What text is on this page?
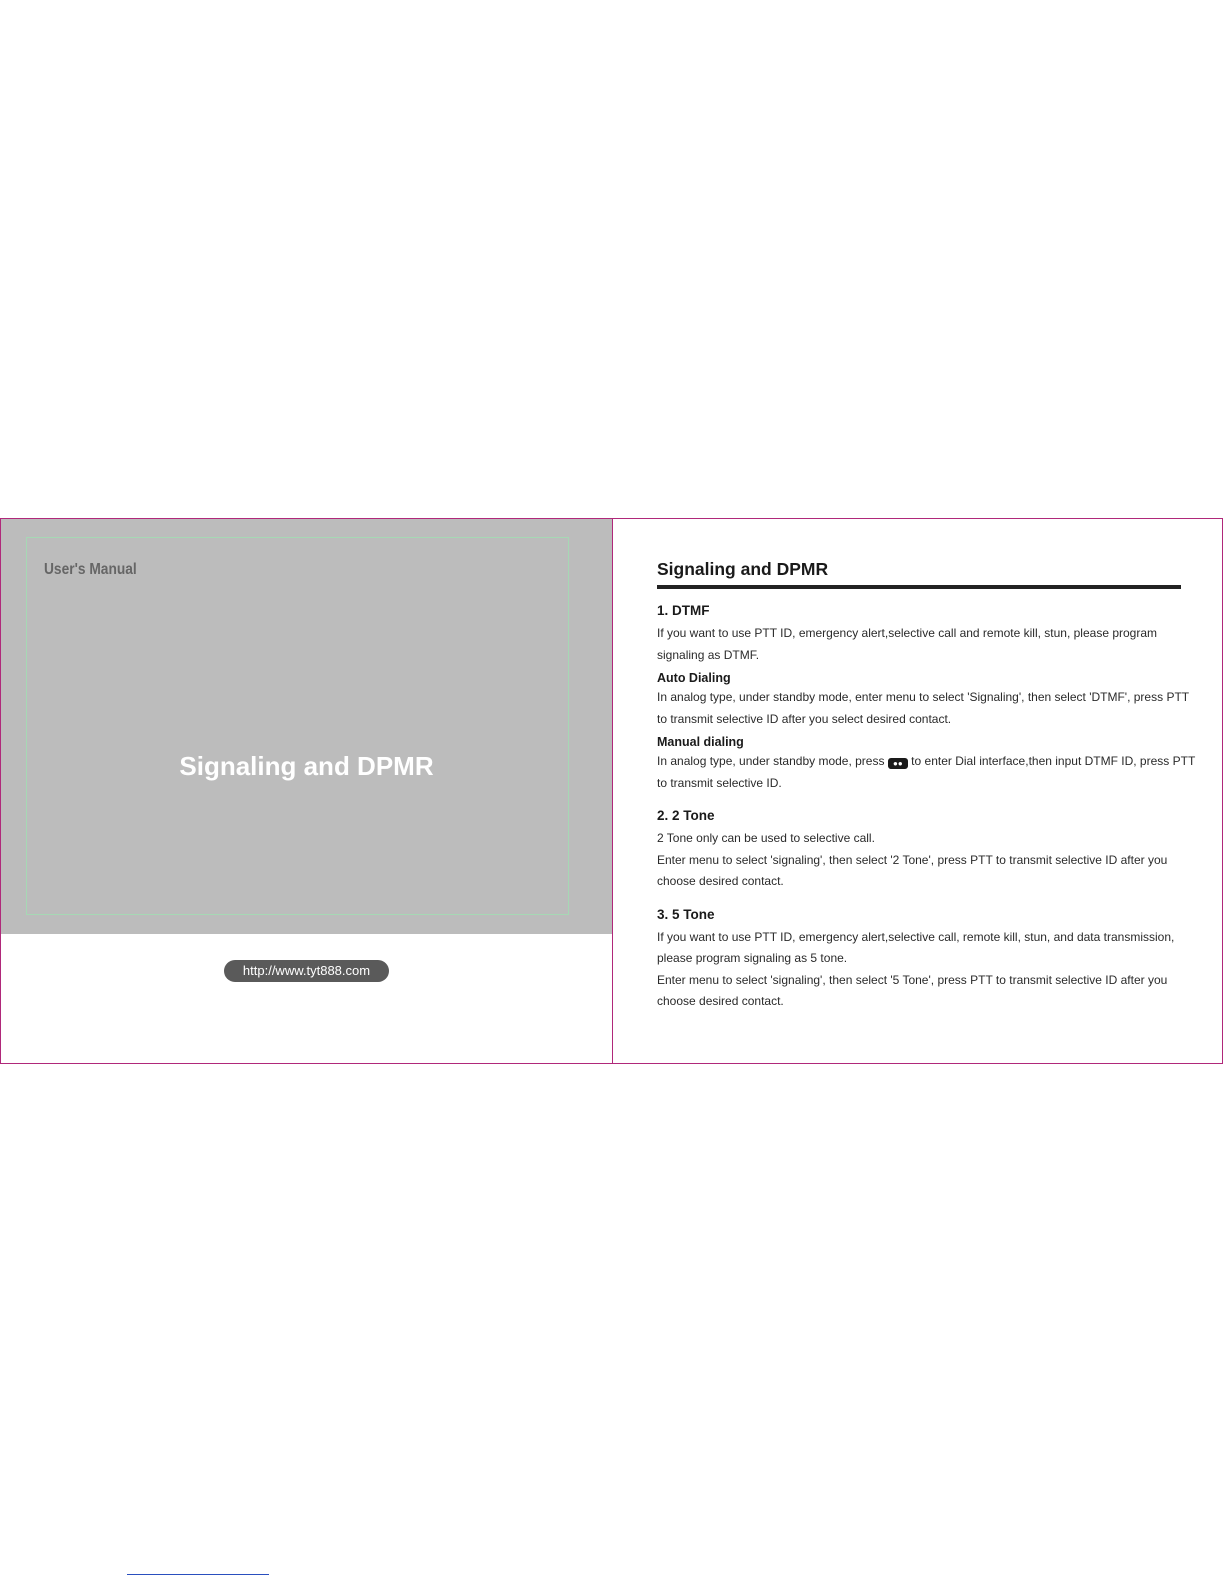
User's Manual
Signaling and DPMR
http://www.tyt888.com
Signaling and DPMR
1. DTMF

If you want to use PTT ID, emergency alert,selective call and remote kill, stun, please program signaling as DTMF.

Auto Dialing

In analog type, under standby mode, enter menu to select 'Signaling', then select 'DTMF', press PTT to transmit selective ID after you select desired contact.

Manual dialing

In analog type, under standby mode, press ●● to enter Dial interface,then input DTMF ID, press PTT to transmit selective ID.

2. 2 Tone

2 Tone only can be used to selective call.

Enter menu to select 'signaling', then select '2 Tone', press PTT to transmit selective ID after you choose desired contact.

3. 5 Tone

If you want to use PTT ID, emergency alert,selective call, remote kill, stun, and data transmission, please program signaling as 5 tone.

Enter menu to select 'signaling', then select '5 Tone', press PTT to transmit selective ID after you choose desired contact.
